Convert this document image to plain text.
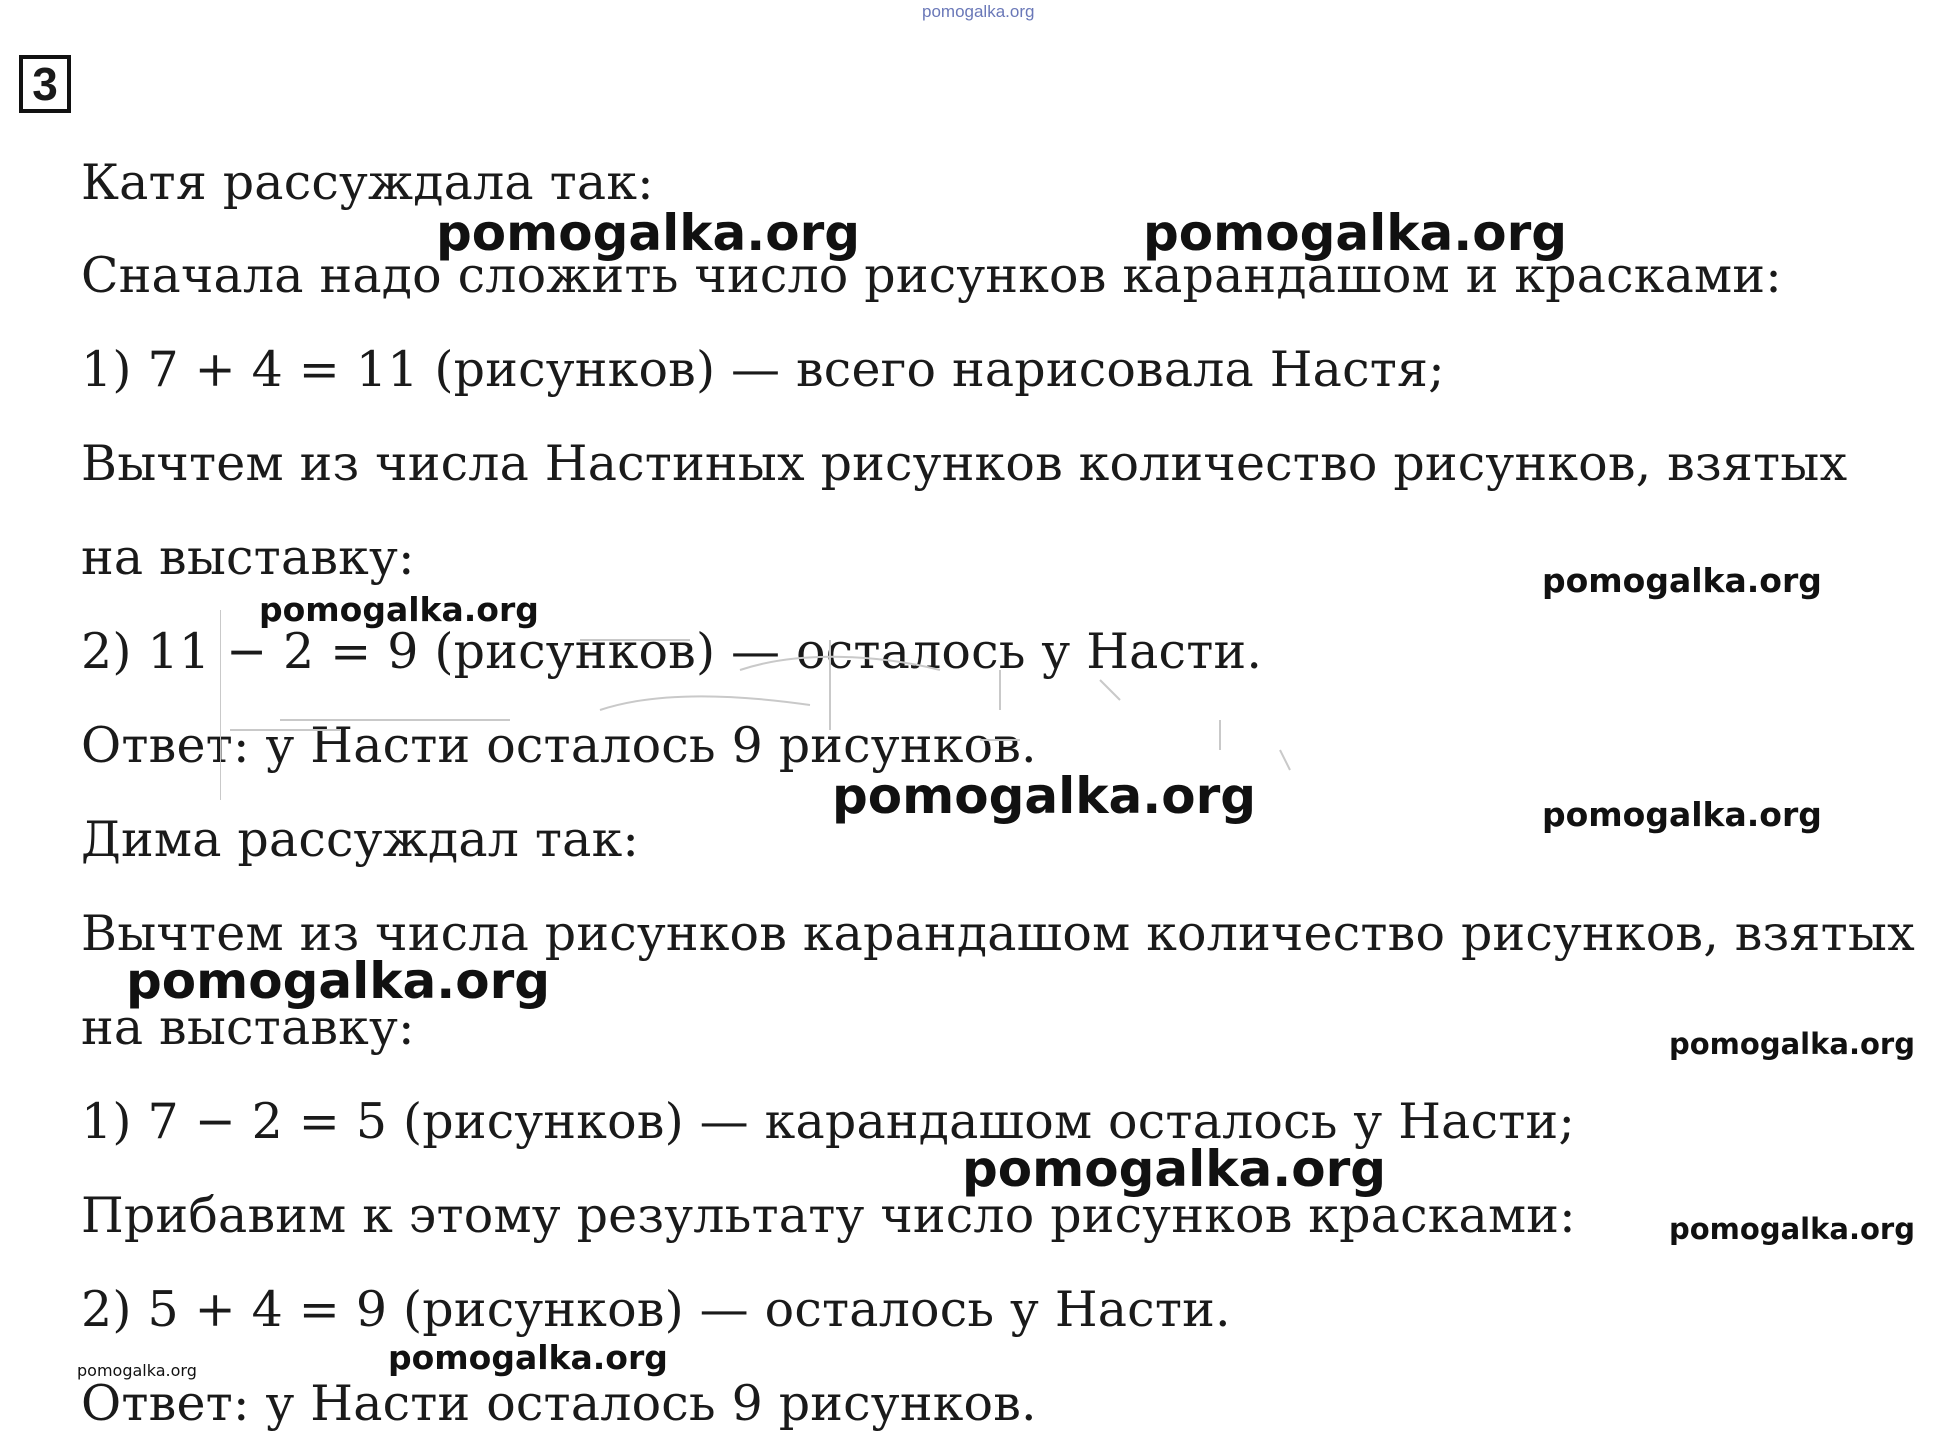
pomogalka.org
3
Катя рассуждала так:
Сначала надо сложить число рисунков карандашом и красками:
1) 7 + 4 = 11 (рисунков) — всего нарисовала Настя;
Вычтем из числа Настиных рисунков количество рисунков, взятых
на выставку:
2) 11 − 2 = 9 (рисунков) — осталось у Насти.
Ответ: у Насти осталось 9 рисунков.
Дима рассуждал так:
Вычтем из числа рисунков карандашом количество рисунков, взятых
на выставку:
1) 7 − 2 = 5 (рисунков) — карандашом осталось у Насти;
Прибавим к этому результату число рисунков красками:
2) 5 + 4 = 9 (рисунков) — осталось у Насти.
Ответ: у Насти осталось 9 рисунков.
pomogalka.org	pomogalka.org
pomogalka.org
pomogalka.org
pomogalka.org	pomogalka.org
pomogalka.org
pomogalka.org
pomogalka.org
pomogalka.org
pomogalka.org
pomogalka.org
